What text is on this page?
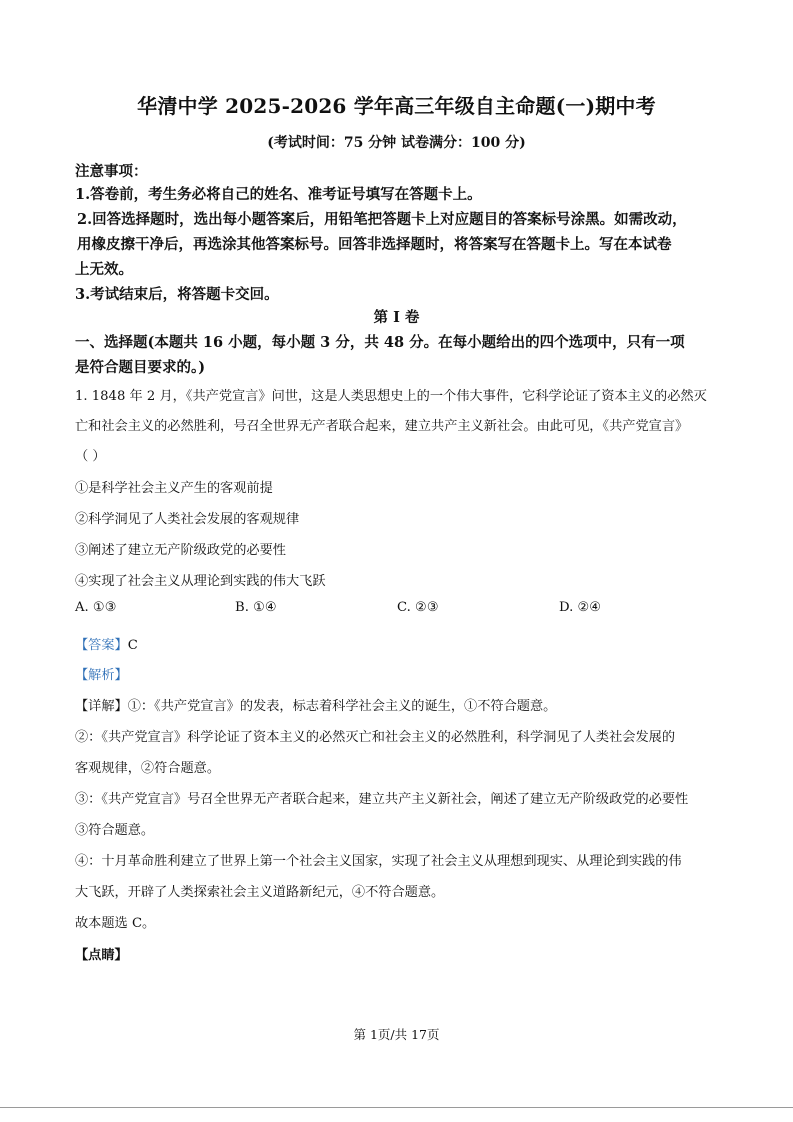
华清中学 2025-2026 学年高三年级自主命题(一)期中考
(考试时间：75 分钟 试卷满分：100 分)
注意事项：
1.答卷前，考生务必将自己的姓名、准考证号填写在答题卡上。
2.回答选择题时，选出每小题答案后，用铅笔把答题卡上对应题目的答案标号涂黑。如需改动，
用橡皮擦干净后，再选涂其他答案标号。回答非选择题时，将答案写在答题卡上。写在本试卷
上无效。
3.考试结束后，将答题卡交回。
第 I 卷
一、选择题(本题共 16 小题，每小题 3 分，共 48 分。在每小题给出的四个选项中，只有一项
是符合题目要求的。)
1. 1848 年 2 月，《共产党宣言》问世，这是人类思想史上的一个伟大事件，它科学论证了资本主义的必然灭
亡和社会主义的必然胜利，号召全世界无产者联合起来，建立共产主义新社会。由此可见，《共产党宣言》
（ ）
①是科学社会主义产生的客观前提
②科学洞见了人类社会发展的客观规律
③阐述了建立无产阶级政党的必要性
④实现了社会主义从理论到实践的伟大飞跃
A. ①③	B. ①④	C. ②③	D. ②④
【答案】C
【解析】
【详解】①：《共产党宣言》的发表，标志着科学社会主义的诞生，①不符合题意。
②：《共产党宣言》科学论证了资本主义的必然灭亡和社会主义的必然胜利，科学洞见了人类社会发展的
客观规律，②符合题意。
③：《共产党宣言》号召全世界无产者联合起来，建立共产主义新社会，阐述了建立无产阶级政党的必要性
③符合题意。
④：十月革命胜利建立了世界上第一个社会主义国家，实现了社会主义从理想到现实、从理论到实践的伟
大飞跃，开辟了人类探索社会主义道路新纪元，④不符合题意。
故本题选 C。
【点睛】
第 1页/共 17页
